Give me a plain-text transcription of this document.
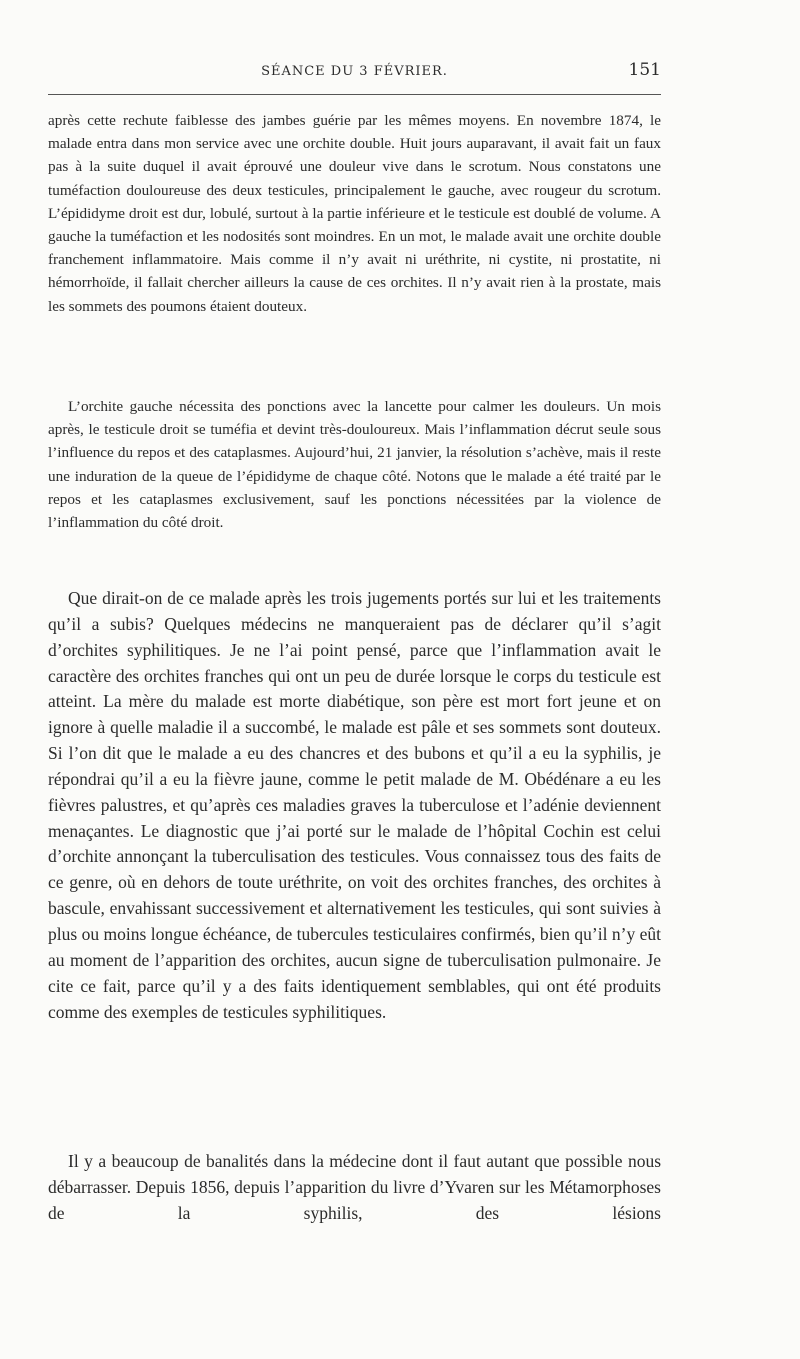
SÉANCE DU 3 FÉVRIER.	151

après cette rechute faiblesse des jambes guérie par les mêmes moyens. En novembre 1874, le malade entra dans mon service avec une orchite double. Huit jours auparavant, il avait fait un faux pas à la suite duquel il avait éprouvé une douleur vive dans le scrotum. Nous constatons une tuméfaction douloureuse des deux testicules, principalement le gauche, avec rougeur du scrotum. L’épididyme droit est dur, lobulé, surtout à la partie inférieure et le testicule est doublé de volume. A gauche la tuméfaction et les nodosités sont moindres. En un mot, le malade avait une orchite double franchement inflammatoire. Mais comme il n’y avait ni uréthrite, ni cystite, ni prostatite, ni hémorrhoïde, il fallait chercher ailleurs la cause de ces orchites. Il n’y avait rien à la prostate, mais les sommets des poumons étaient douteux.

L’orchite gauche nécessita des ponctions avec la lancette pour calmer les douleurs. Un mois après, le testicule droit se tuméfia et devint très-douloureux. Mais l’inflammation décrut seule sous l’influence du repos et des cataplasmes. Aujourd’hui, 21 janvier, la résolution s’achève, mais il reste une induration de la queue de l’épididyme de chaque côté. Notons que le malade a été traité par le repos et les cataplasmes exclusivement, sauf les ponctions nécessitées par la violence de l’inflammation du côté droit.

Que dirait-on de ce malade après les trois jugements portés sur lui et les traitements qu’il a subis? Quelques médecins ne manqueraient pas de déclarer qu’il s’agit d’orchites syphilitiques. Je ne l’ai point pensé, parce que l’inflammation avait le caractère des orchites franches qui ont un peu de durée lorsque le corps du testicule est atteint. La mère du malade est morte diabétique, son père est mort fort jeune et on ignore à quelle maladie il a succombé, le malade est pâle et ses sommets sont douteux. Si l’on dit que le malade a eu des chancres et des bubons et qu’il a eu la syphilis, je répondrai qu’il a eu la fièvre jaune, comme le petit malade de M. Obédénare a eu les fièvres palustres, et qu’après ces maladies graves la tuberculose et l’adénie deviennent menaçantes. Le diagnostic que j’ai porté sur le malade de l’hôpital Cochin est celui d’orchite annonçant la tuberculisation des testicules. Vous connaissez tous des faits de ce genre, où en dehors de toute uréthrite, on voit des orchites franches, des orchites à bascule, envahissant successivement et alternativement les testicules, qui sont suivies à plus ou moins longue échéance, de tubercules testiculaires confirmés, bien qu’il n’y eût au moment de l’apparition des orchites, aucun signe de tuberculisation pulmonaire. Je cite ce fait, parce qu’il y a des faits identiquement semblables, qui ont été produits comme des exemples de testicules syphilitiques.

Il y a beaucoup de banalités dans la médecine dont il faut autant que possible nous débarrasser. Depuis 1856, depuis l’apparition du livre d’Yvaren sur les Métamorphoses de la syphilis, des lésions
